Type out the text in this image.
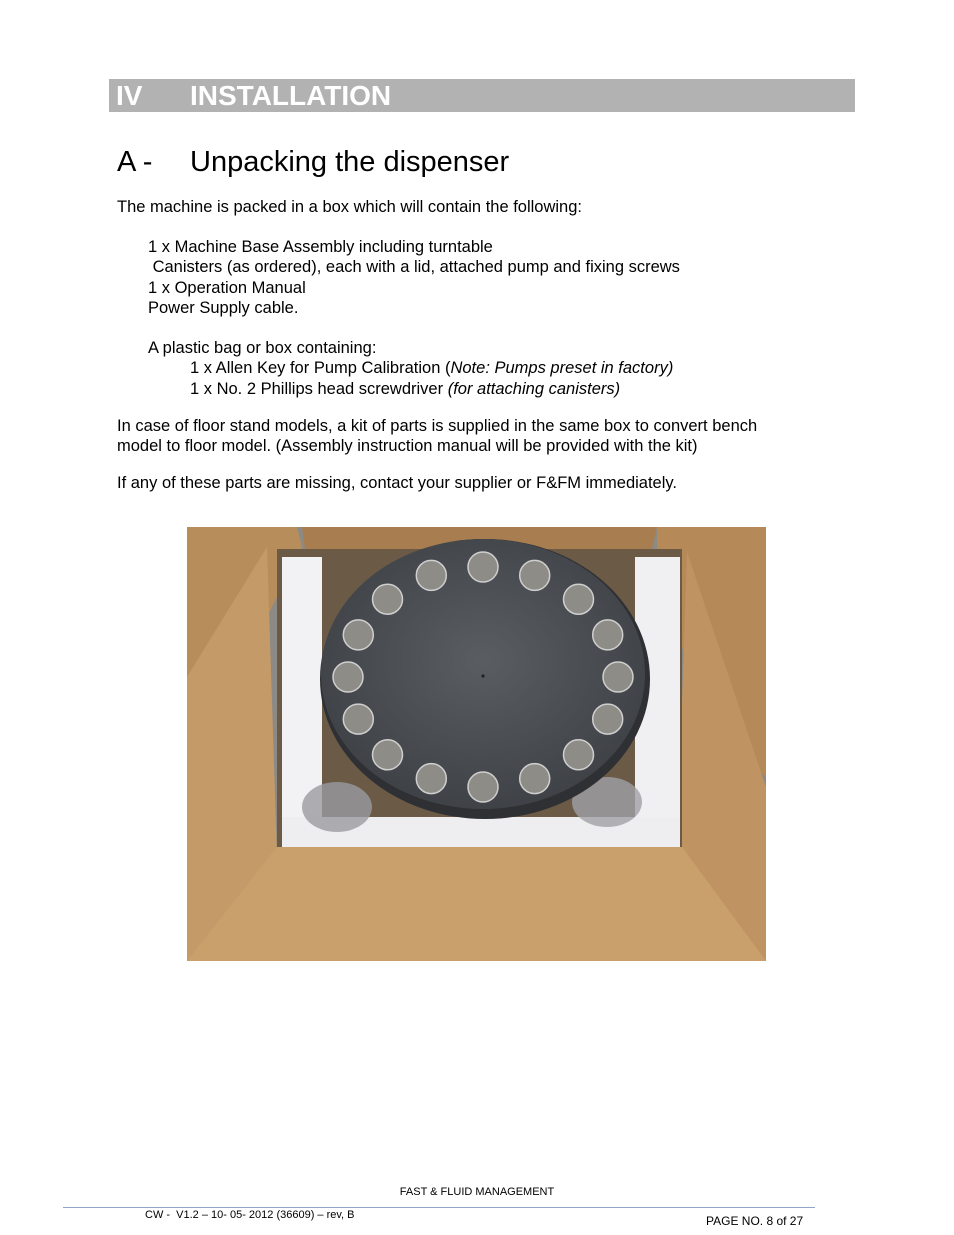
IV INSTALLATION
A - Unpacking the dispenser
The machine is packed in a box which will contain the following:
1 x Machine Base Assembly including turntable
Canisters (as ordered), each with a lid, attached pump and fixing screws
1 x Operation Manual
Power Supply cable.
A plastic bag or box containing:
1 x Allen Key for Pump Calibration (Note: Pumps preset in factory)
1 x No. 2 Phillips head screwdriver (for attaching canisters)
In case of floor stand models, a kit of parts is supplied in the same box to convert bench
model to floor model. (Assembly instruction manual will be provided with the kit)
If any of these parts are missing, contact your supplier or F&FM immediately.
FAST & FLUID MANAGEMENT
CW -  V1.2 – 10- 05- 2012 (36609) – rev, B	PAGE NO. 8 of 27
